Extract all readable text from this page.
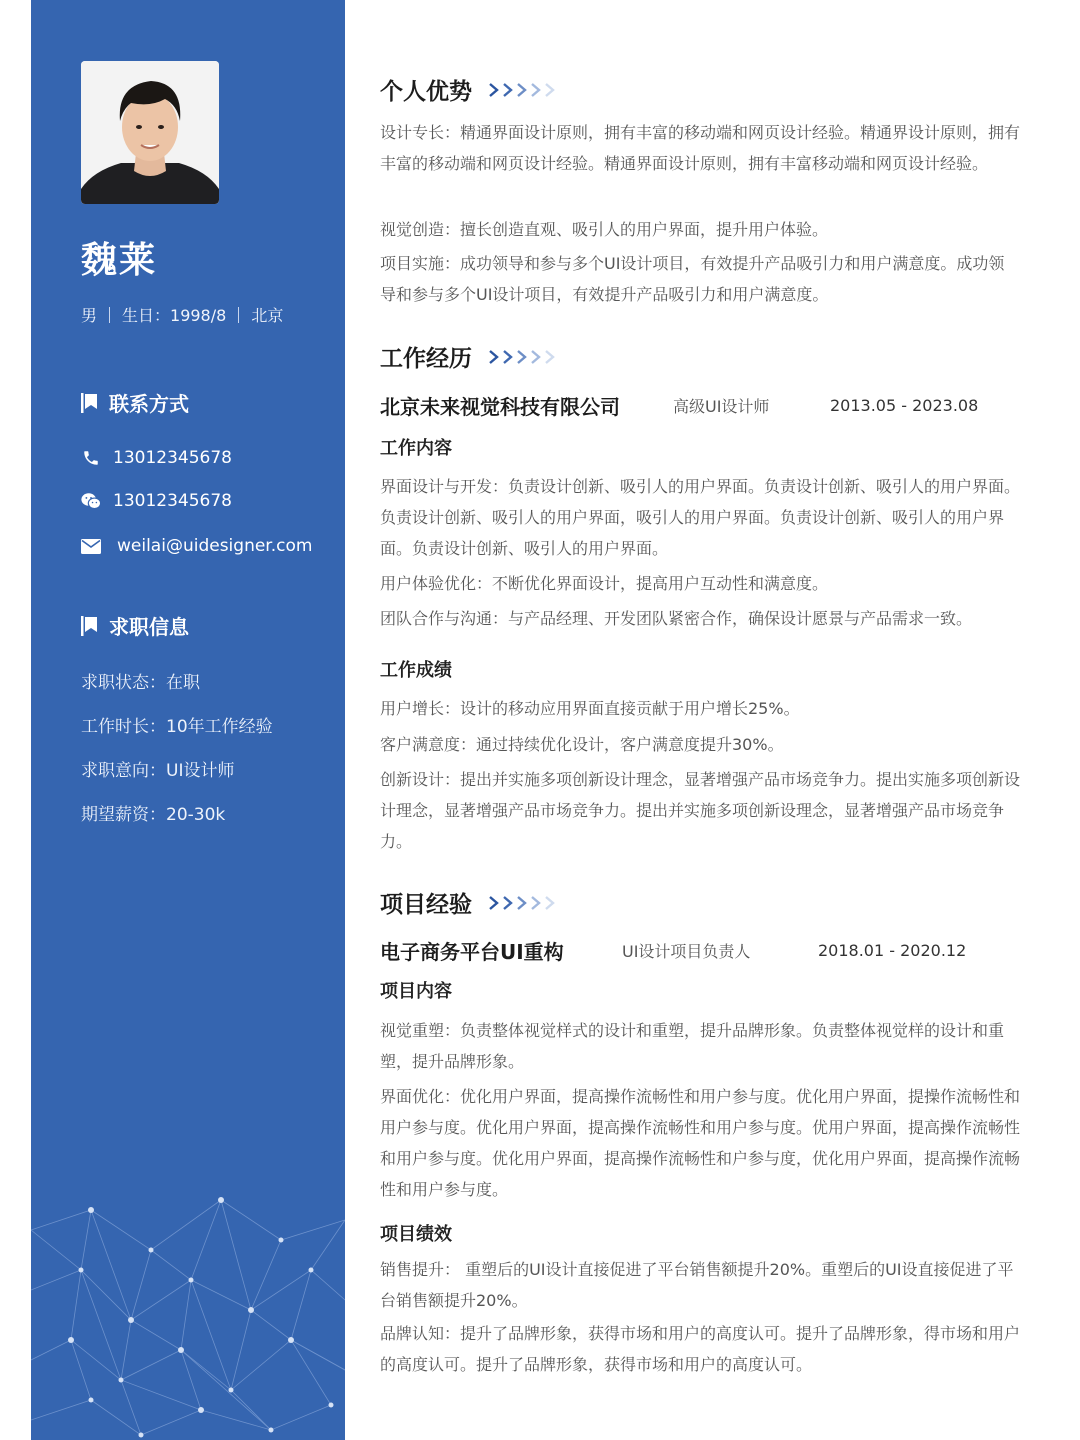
魏莱
男 生日：1998/8 北京
联系方式
13012345678
13012345678
weilai@uidesigner.com
求职信息
求职状态：在职
工作时长：10年工作经验
求职意向：UI设计师
期望薪资：20-30k
个人优势

设计专长：精通界面设计原则，拥有丰富的移动端和网页设计经验。精通界设计原则，拥有丰富的移动端和网页设计经验。精通界面设计原则，拥有丰富移动端和网页设计经验。

视觉创造：擅长创造直观、吸引人的用户界面，提升用户体验。

项目实施：成功领导和参与多个UI设计项目，有效提升产品吸引力和用户满意度。成功领导和参与多个UI设计项目，有效提升产品吸引力和用户满意度。

工作经历
北京未来视觉科技有限公司	高级UI设计师	2013.05 - 2023.08
工作内容

界面设计与开发：负责设计创新、吸引人的用户界面。负责设计创新、吸引人的用户界面。负责设计创新、吸引人的用户界面，吸引人的用户界面。负责设计创新、吸引人的用户界面。负责设计创新、吸引人的用户界面。

用户体验优化：不断优化界面设计，提高用户互动性和满意度。

团队合作与沟通：与产品经理、开发团队紧密合作，确保设计愿景与产品需求一致。

工作成绩

用户增长：设计的移动应用界面直接贡献于用户增长25%。

客户满意度：通过持续优化设计，客户满意度提升30%。

创新设计：提出并实施多项创新设计理念，显著增强产品市场竞争力。提出实施多项创新设计理念，显著增强产品市场竞争力。提出并实施多项创新设理念，显著增强产品市场竞争力。

项目经验
电子商务平台UI重构	UI设计项目负责人	2018.01 - 2020.12
项目内容

视觉重塑：负责整体视觉样式的设计和重塑，提升品牌形象。负责整体视觉样的设计和重塑，提升品牌形象。

界面优化：优化用户界面，提高操作流畅性和用户参与度。优化用户界面，提操作流畅性和用户参与度。优化用户界面，提高操作流畅性和用户参与度。优用户界面，提高操作流畅性和用户参与度。优化用户界面，提高操作流畅性和户参与度，优化用户界面，提高操作流畅性和用户参与度。

项目绩效

销售提升： 重塑后的UI设计直接促进了平台销售额提升20%。重塑后的UI设直接促进了平台销售额提升20%。

品牌认知：提升了品牌形象，获得市场和用户的高度认可。提升了品牌形象，得市场和用户的高度认可。提升了品牌形象，获得市场和用户的高度认可。
